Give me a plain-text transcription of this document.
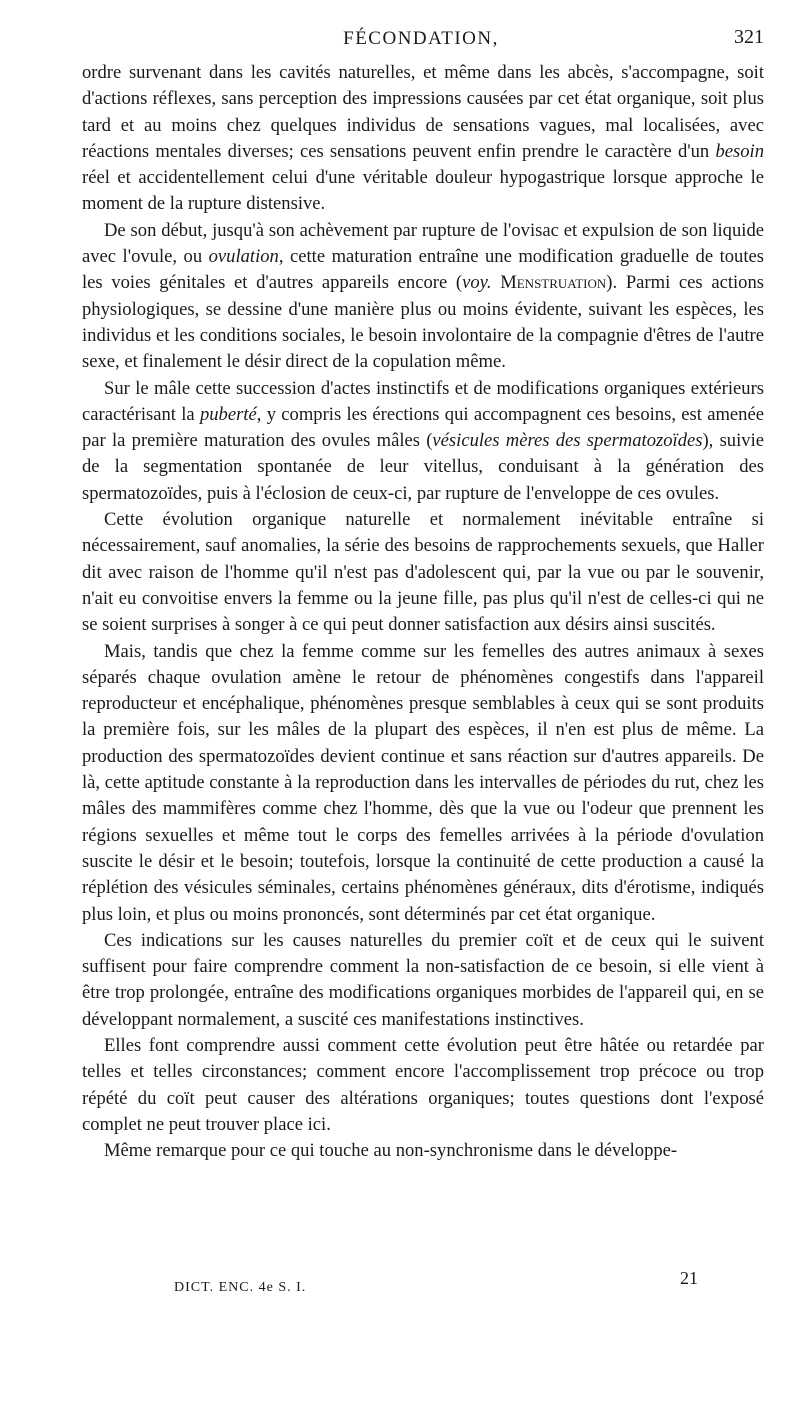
FÉCONDATION,	321

ordre survenant dans les cavités naturelles, et même dans les abcès, s'accompagne, soit d'actions réflexes, sans perception des impressions causées par cet état organique, soit plus tard et au moins chez quelques individus de sensations vagues, mal localisées, avec réactions mentales diverses; ces sensations peuvent enfin prendre le caractère d'un besoin réel et accidentellement celui d'une véritable douleur hypogastrique lorsque approche le moment de la rupture distensive.

De son début, jusqu'à son achèvement par rupture de l'ovisac et expulsion de son liquide avec l'ovule, ou ovulation, cette maturation entraîne une modification graduelle de toutes les voies génitales et d'autres appareils encore (voy. Menstruation). Parmi ces actions physiologiques, se dessine d'une manière plus ou moins évidente, suivant les espèces, les individus et les conditions sociales, le besoin involontaire de la compagnie d'êtres de l'autre sexe, et finalement le désir direct de la copulation même.

Sur le mâle cette succession d'actes instinctifs et de modifications organiques extérieurs caractérisant la puberté, y compris les érections qui accompagnent ces besoins, est amenée par la première maturation des ovules mâles (vésicules mères des spermatozoïdes), suivie de la segmentation spontanée de leur vitellus, conduisant à la génération des spermatozoïdes, puis à l'éclosion de ceux-ci, par rupture de l'enveloppe de ces ovules.

Cette évolution organique naturelle et normalement inévitable entraîne si nécessairement, sauf anomalies, la série des besoins de rapprochements sexuels, que Haller dit avec raison de l'homme qu'il n'est pas d'adolescent qui, par la vue ou par le souvenir, n'ait eu convoitise envers la femme ou la jeune fille, pas plus qu'il n'est de celles-ci qui ne se soient surprises à songer à ce qui peut donner satisfaction aux désirs ainsi suscités.

Mais, tandis que chez la femme comme sur les femelles des autres animaux à sexes séparés chaque ovulation amène le retour de phénomènes congestifs dans l'appareil reproducteur et encéphalique, phénomènes presque semblables à ceux qui se sont produits la première fois, sur les mâles de la plupart des espèces, il n'en est plus de même. La production des spermatozoïdes devient continue et sans réaction sur d'autres appareils. De là, cette aptitude constante à la reproduction dans les intervalles de périodes du rut, chez les mâles des mammifères comme chez l'homme, dès que la vue ou l'odeur que prennent les régions sexuelles et même tout le corps des femelles arrivées à la période d'ovulation suscite le désir et le besoin; toutefois, lorsque la continuité de cette production a causé la réplétion des vésicules séminales, certains phénomènes généraux, dits d'érotisme, indiqués plus loin, et plus ou moins prononcés, sont déterminés par cet état organique.

Ces indications sur les causes naturelles du premier coït et de ceux qui le suivent suffisent pour faire comprendre comment la non-satisfaction de ce besoin, si elle vient à être trop prolongée, entraîne des modifications organiques morbides de l'appareil qui, en se développant normalement, a suscité ces manifestations instinctives.

Elles font comprendre aussi comment cette évolution peut être hâtée ou retardée par telles et telles circonstances; comment encore l'accomplissement trop précoce ou trop répété du coït peut causer des altérations organiques; toutes questions dont l'exposé complet ne peut trouver place ici.

Même remarque pour ce qui touche au non-synchronisme dans le développe-

DICT. ENC. 4e S. I.	21
